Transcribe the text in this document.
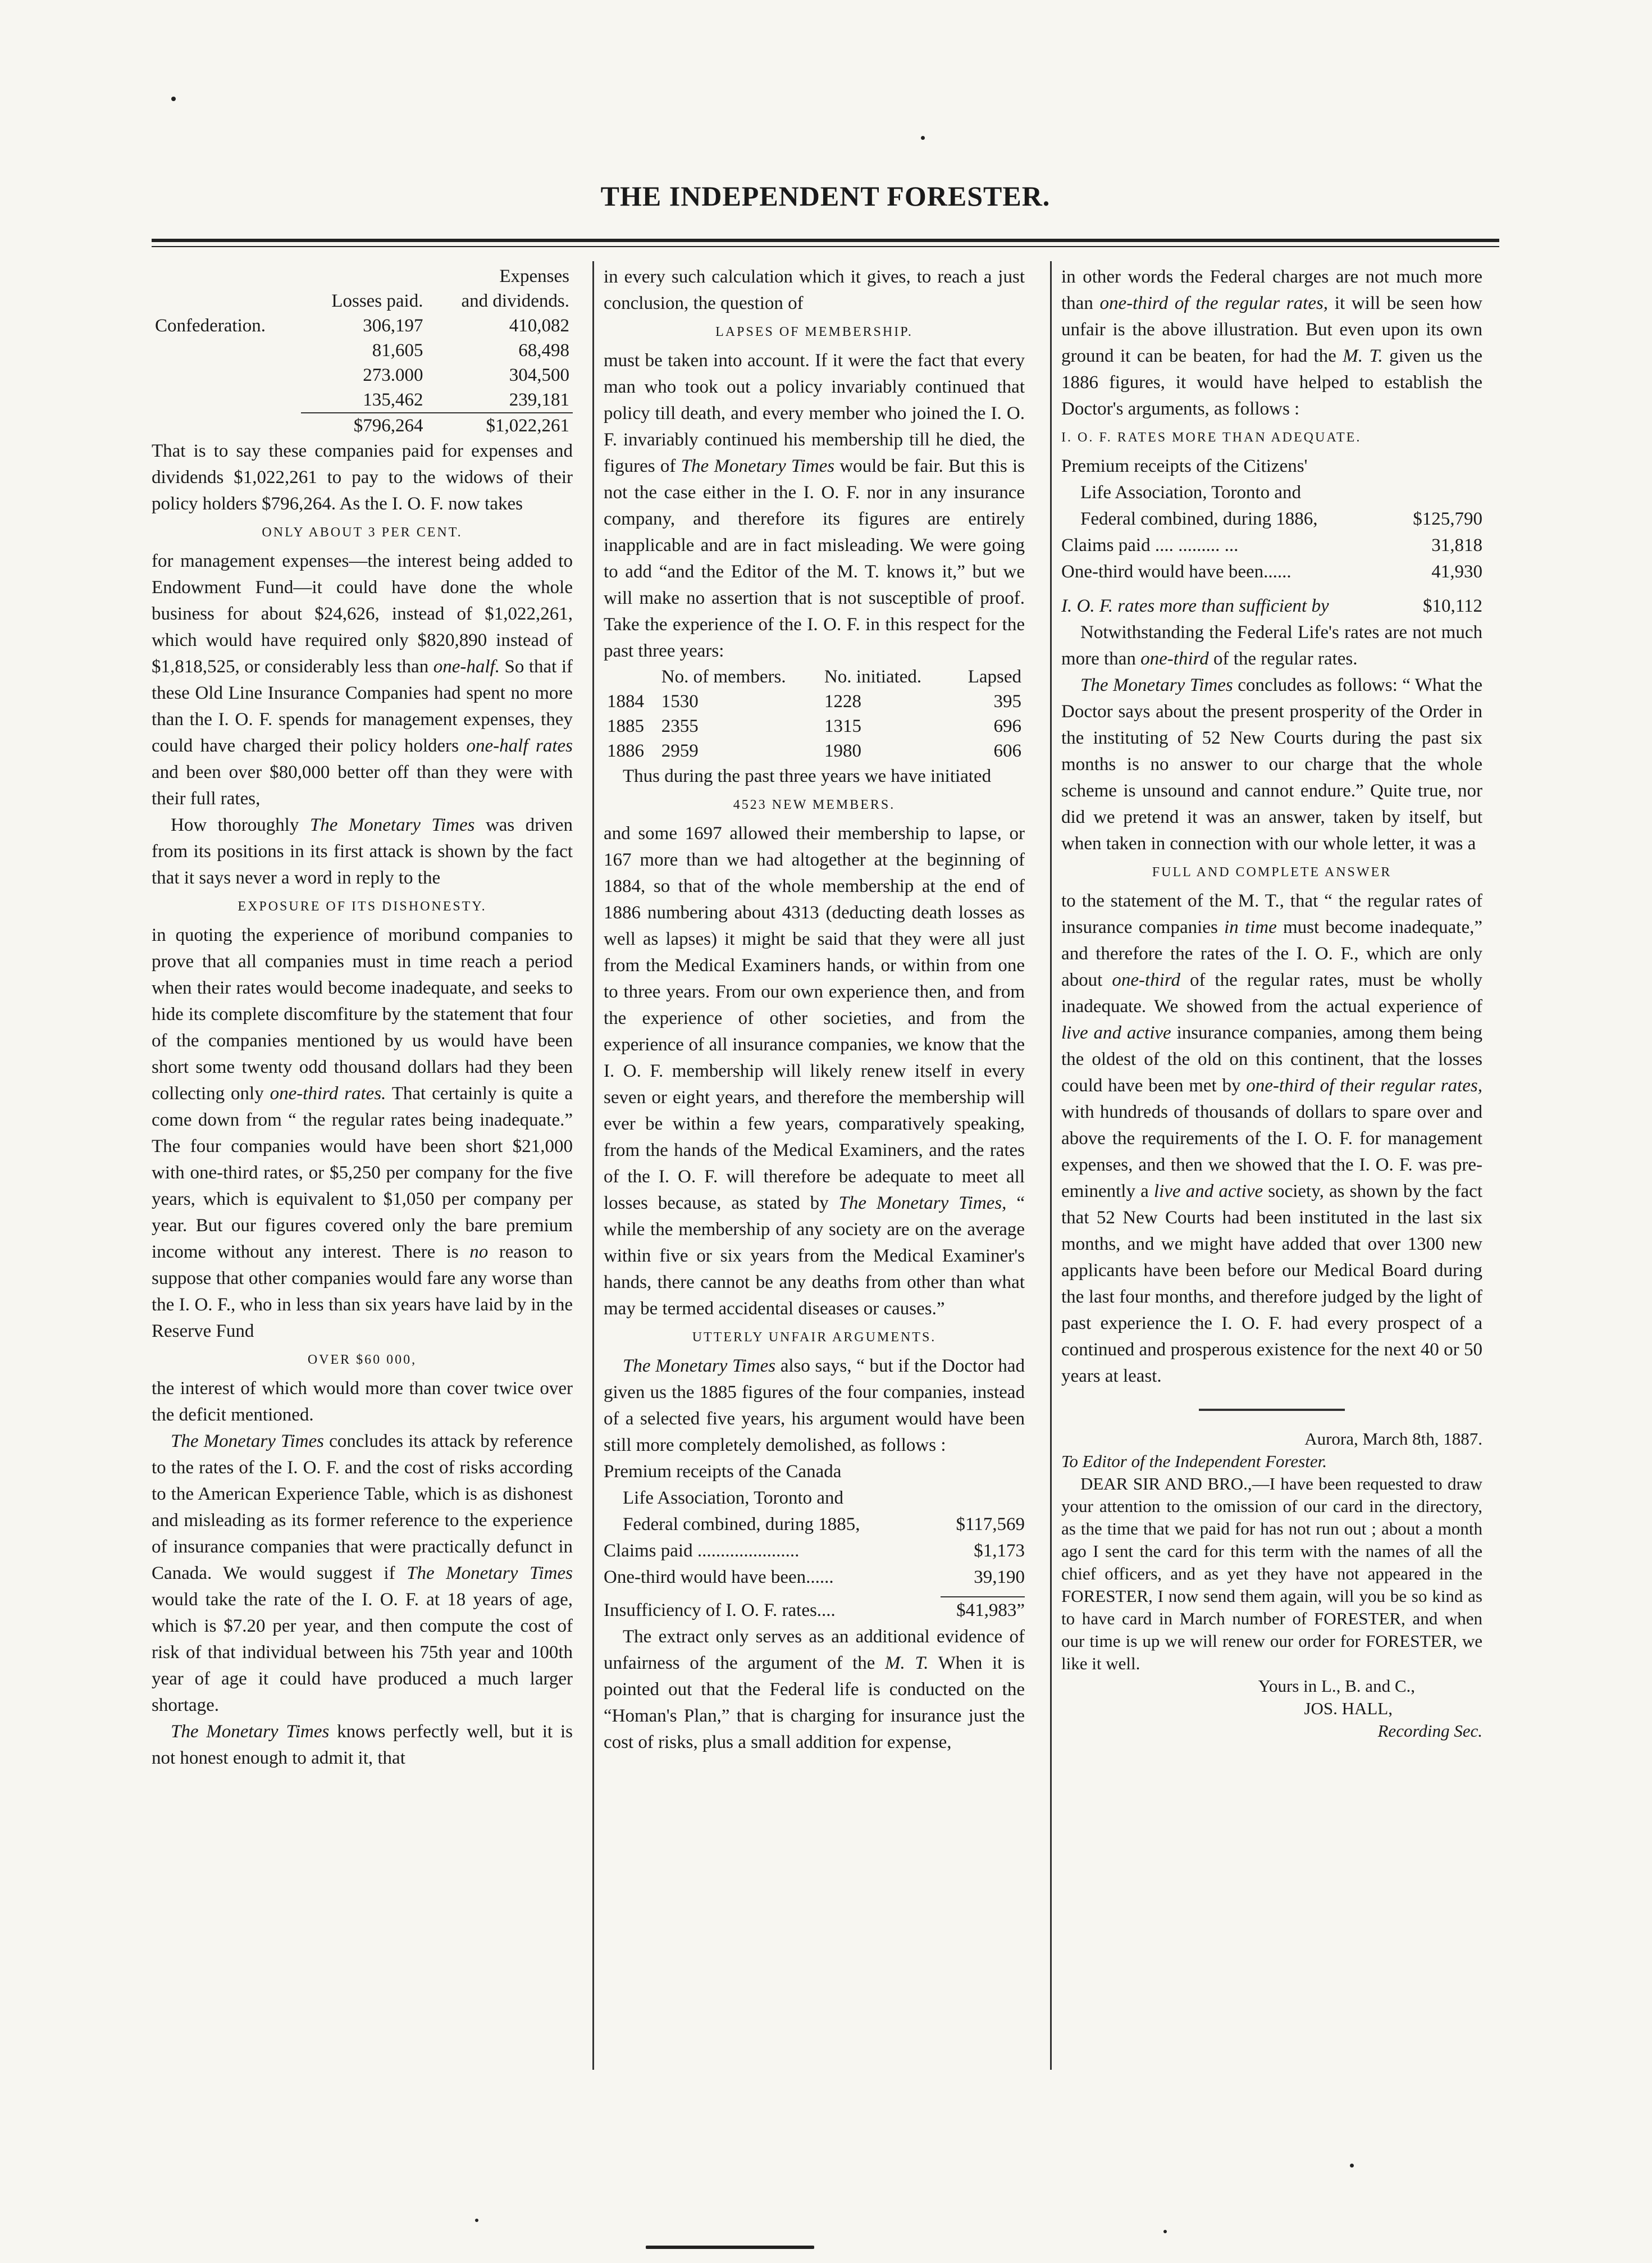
THE INDEPENDENT FORESTER.
		Expenses
	Losses paid.	and dividends.
Confederation.	306,197	410,082
	81,605	68,498
	273.000	304,500
	135,462	239,181
	$796,264	$1,022,261

That is to say these companies paid for expenses and dividends $1,022,261 to pay to the widows of their policy holders $796,264. As the I. O. F. now takes

ONLY ABOUT 3 PER CENT.

for management expenses—the interest being added to Endowment Fund—it could have done the whole business for about $24,626, instead of $1,022,261, which would have required only $820,890 instead of $1,818,525, or considerably less than one-half. So that if these Old Line Insurance Companies had spent no more than the I. O. F. spends for management expenses, they could have charged their policy holders one-half rates and been over $80,000 better off than they were with their full rates,

How thoroughly The Monetary Times was driven from its positions in its first attack is shown by the fact that it says never a word in reply to the

EXPOSURE OF ITS DISHONESTY.

in quoting the experience of moribund companies to prove that all companies must in time reach a period when their rates would become inadequate, and seeks to hide its complete discomfiture by the statement that four of the companies mentioned by us would have been short some twenty odd thousand dollars had they been collecting only one-third rates. That certainly is quite a come down from “ the regular rates being inadequate.” The four companies would have been short $21,000 with one-third rates, or $5,250 per company for the five years, which is equivalent to $1,050 per company per year. But our figures covered only the bare premium income without any interest. There is no reason to suppose that other companies would fare any worse than the I. O. F., who in less than six years have laid by in the Reserve Fund

OVER $60 000,

the interest of which would more than cover twice over the deficit mentioned.

The Monetary Times concludes its attack by reference to the rates of the I. O. F. and the cost of risks according to the American Experience Table, which is as dishonest and misleading as its former reference to the experience of insurance companies that were practically defunct in Canada. We would suggest if The Monetary Times would take the rate of the I. O. F. at 18 years of age, which is $7.20 per year, and then compute the cost of risk of that individual between his 75th year and 100th year of age it could have produced a much larger shortage.

The Monetary Times knows perfectly well, but it is not honest enough to admit it, that

in every such calculation which it gives, to reach a just conclusion, the question of

LAPSES OF MEMBERSHIP.

must be taken into account. If it were the fact that every man who took out a policy invariably continued that policy till death, and every member who joined the I. O. F. invariably continued his membership till he died, the figures of The Monetary Times would be fair. But this is not the case either in the I. O. F. nor in any insurance company, and therefore its figures are entirely inapplicable and are in fact misleading. We were going to add “and the Editor of the M. T. knows it,” but we will make no assertion that is not susceptible of proof. Take the experience of the I. O. F. in this respect for the past three years:

	No. of members.	No. initiated.	Lapsed
1884	1530	1228	395
1885	2355	1315	696
1886	2959	1980	606

Thus during the past three years we have initiated

4523 NEW MEMBERS.

and some 1697 allowed their membership to lapse, or 167 more than we had altogether at the beginning of 1884, so that of the whole membership at the end of 1886 numbering about 4313 (deducting death losses as well as lapses) it might be said that they were all just from the Medical Examiners hands, or within from one to three years. From our own experience then, and from the experience of other societies, and from the experience of all insurance companies, we know that the I. O. F. membership will likely renew itself in every seven or eight years, and therefore the membership will ever be within a few years, comparatively speaking, from the hands of the Medical Examiners, and the rates of the I. O. F. will therefore be adequate to meet all losses because, as stated by The Monetary Times, “ while the membership of any society are on the average within five or six years from the Medical Examiner's hands, there cannot be any deaths from other than what may be termed accidental diseases or causes.”

UTTERLY UNFAIR ARGUMENTS.

The Monetary Times also says, “ but if the Doctor had given us the 1885 figures of the four companies, instead of a selected five years, his argument would have been still more completely demolished, as follows :

Premium receipts of the Canada
Life Association, Toronto and
Federal combined, during 1885,	$117,569
Claims paid ......................	$1,173
One-third would have been......	39,190
Insufficiency of I. O. F. rates....	$41,983”

The extract only serves as an additional evidence of unfairness of the argument of the M. T. When it is pointed out that the Federal life is conducted on the “Homan's Plan,” that is charging for insurance just the cost of risks, plus a small addition for expense,

in other words the Federal charges are not much more than one-third of the regular rates, it will be seen how unfair is the above illustration. But even upon its own ground it can be beaten, for had the M. T. given us the 1886 figures, it would have helped to establish the Doctor's arguments, as follows :

I. O. F. RATES MORE THAN ADEQUATE.
Premium receipts of the Citizens'
Life Association, Toronto and
Federal combined, during 1886,	$125,790
Claims paid .... ......... ...	31,818
One-third would have been......	41,930
I. O. F. rates more than sufficient by	$10,112

Notwithstanding the Federal Life's rates are not much more than one-third of the regular rates.

The Monetary Times concludes as follows: “ What the Doctor says about the present prosperity of the Order in the instituting of 52 New Courts during the past six months is no answer to our charge that the whole scheme is unsound and cannot endure.” Quite true, nor did we pretend it was an answer, taken by itself, but when taken in connection with our whole letter, it was a

FULL AND COMPLETE ANSWER

to the statement of the M. T., that “ the regular rates of insurance companies in time must become inadequate,” and therefore the rates of the I. O. F., which are only about one-third of the regular rates, must be wholly inadequate. We showed from the actual experience of live and active insurance companies, among them being the oldest of the old on this continent, that the losses could have been met by one-third of their regular rates, with hundreds of thousands of dollars to spare over and above the requirements of the I. O. F. for management expenses, and then we showed that the I. O. F. was pre-eminently a live and active society, as shown by the fact that 52 New Courts had been instituted in the last six months, and we might have added that over 1300 new applicants have been before our Medical Board during the last four months, and therefore judged by the light of past experience the I. O. F. had every prospect of a continued and prosperous existence for the next 40 or 50 years at least.

Aurora, March 8th, 1887.
To Editor of the Independent Forester.

DEAR SIR AND BRO.,—I have been requested to draw your attention to the omission of our card in the directory, as the time that we paid for has not run out ; about a month ago I sent the card for this term with the names of all the chief officers, and as yet they have not appeared in the FORESTER, I now send them again, will you be so kind as to have card in March number of FORESTER, and when our time is up we will renew our order for FORESTER, we like it well.

Yours in L., B. and C.,
JOS. HALL,
Recording Sec.
